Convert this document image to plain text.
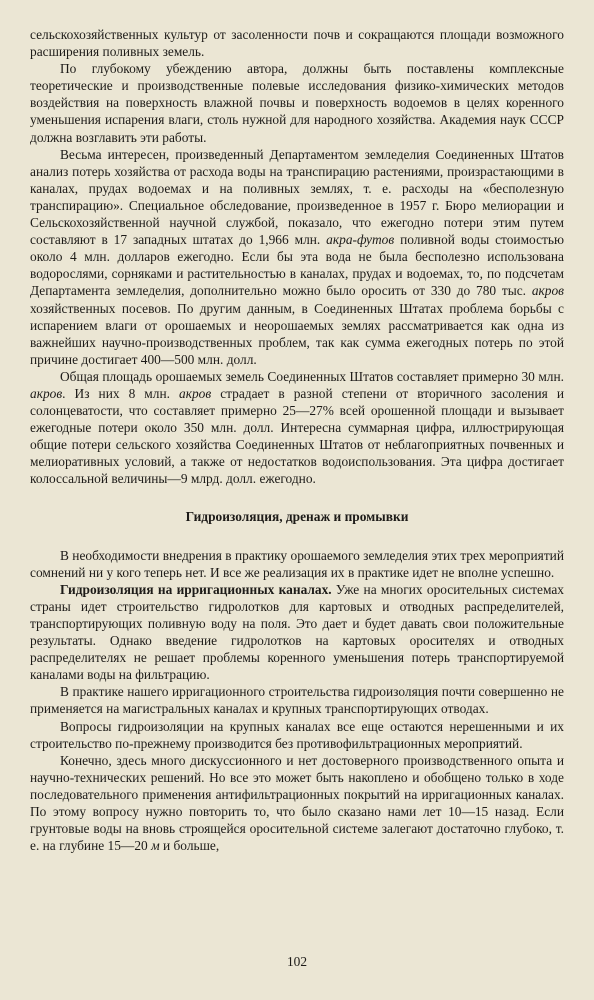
сельскохозяйственных культур от засоленности почв и сокращаются площади возможного расширения поливных земель.

По глубокому убеждению автора, должны быть поставлены комплексные теоретические и производственные полевые исследования физико-химических методов воздействия на поверхность влажной почвы и поверхность водоемов в целях коренного уменьшения испарения влаги, столь нужной для народного хозяйства. Академия наук СССР должна возглавить эти работы.

Весьма интересен, произведенный Департаментом земледелия Соединенных Штатов анализ потерь хозяйства от расхода воды на транспирацию растениями, произрастающими в каналах, прудах водоемах и на поливных землях, т. е. расходы на «бесполезную транспирацию». Специальное обследование, произведенное в 1957 г. Бюро мелиорации и Сельскохозяйственной научной службой, показало, что ежегодно потери этим путем составляют в 17 западных штатах до 1,966 млн. акра-футов поливной воды стоимостью около 4 млн. долларов ежегодно. Если бы эта вода не была бесполезно использована водорослями, сорняками и растительностью в каналах, прудах и водоемах, то, по подсчетам Департамента земледелия, дополнительно можно было оросить от 330 до 780 тыс. акров хозяйственных посевов. По другим данным, в Соединенных Штатах проблема борьбы с испарением влаги от орошаемых и неорошаемых землях рассматривается как одна из важнейших научно-производственных проблем, так как сумма ежегодных потерь по этой причине достигает 400—500 млн. долл.

Общая площадь орошаемых земель Соединенных Штатов составляет примерно 30 млн. акров. Из них 8 млн. акров страдает в разной степени от вторичного засоления и солонцеватости, что составляет примерно 25—27% всей орошенной площади и вызывает ежегодные потери около 350 млн. долл. Интересна суммарная цифра, иллюстрирующая общие потери сельского хозяйства Соединенных Штатов от неблагоприятных почвенных и мелиоративных условий, а также от недостатков водоиспользования. Эта цифра достигает колоссальной величины—9 млрд. долл. ежегодно.

Гидроизоляция, дренаж и промывки

В необходимости внедрения в практику орошаемого земледелия этих трех мероприятий сомнений ни у кого теперь нет. И все же реализация их в практике идет не вполне успешно.

Гидроизоляция на ирригационных каналах. Уже на многих оросительных системах страны идет строительство гидролотков для картовых и отводных распределителей, транспортирующих поливную воду на поля. Это дает и будет давать свои положительные результаты. Однако введение гидролотков на картовых оросителях и отводных распределителях не решает проблемы коренного уменьшения потерь транспортируемой каналами воды на фильтрацию.

В практике нашего ирригационного строительства гидроизоляция почти совершенно не применяется на магистральных каналах и крупных транспортирующих отводах.

Вопросы гидроизоляции на крупных каналах все еще остаются нерешенными и их строительство по-прежнему производится без противофильтрационных мероприятий.

Конечно, здесь много дискуссионного и нет достоверного производственного опыта и научно-технических решений. Но все это может быть накоплено и обобщено только в ходе последовательного применения антифильтрационных покрытий на ирригационных каналах. По этому вопросу нужно повторить то, что было сказано нами лет 10—15 назад. Если грунтовые воды на вновь строящейся оросительной системе залегают достаточно глубоко, т. е. на глубине 15—20 м и больше,

102
